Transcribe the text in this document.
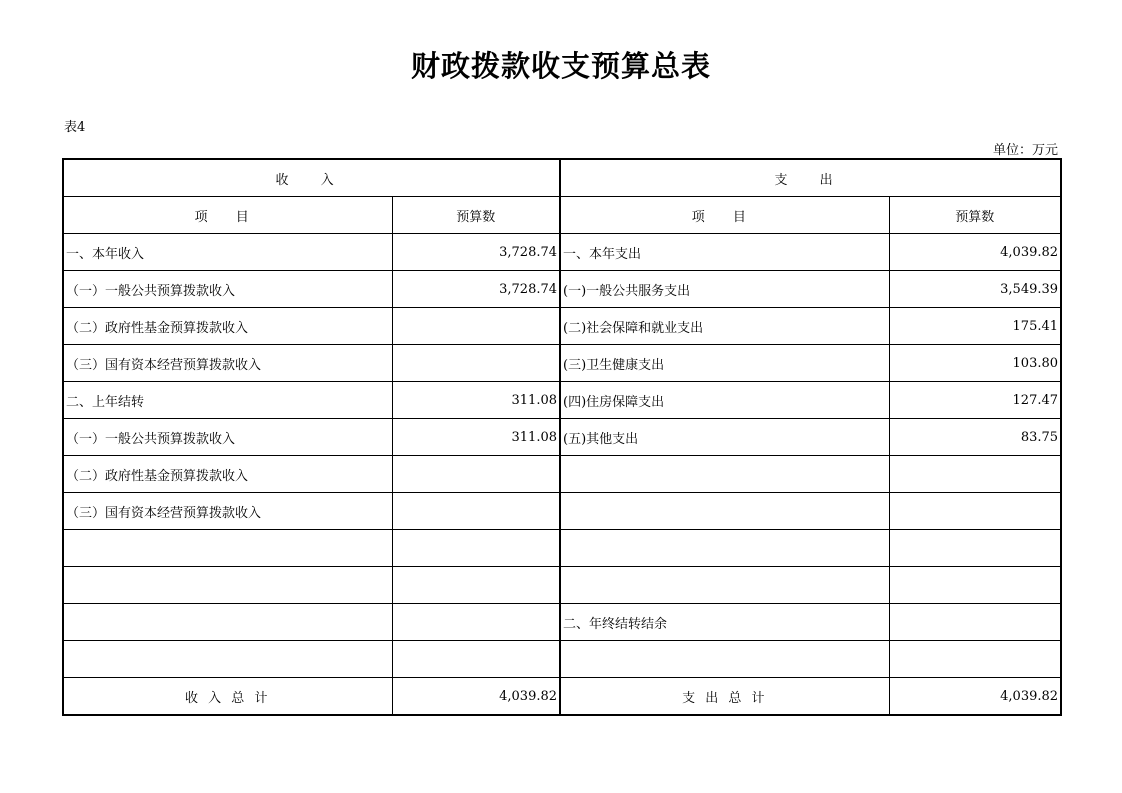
财政拨款收支预算总表
表4
单位：万元
收 入		支 出	
项 目	预算数	项 目	预算数
一、本年收入	3,728.74	一、本年支出	4,039.82
（一）一般公共预算拨款收入	3,728.74	(一)一般公共服务支出	3,549.39
（二）政府性基金预算拨款收入		(二)社会保障和就业支出	175.41
（三）国有资本经营预算拨款收入		(三)卫生健康支出	103.80
二、上年结转	311.08	(四)住房保障支出	127.47
（一）一般公共预算拨款收入	311.08	(五)其他支出	83.75
（二）政府性基金预算拨款收入			
（三）国有资本经营预算拨款收入			

		二、年终结转结余	

收 入 总 计	4,039.82	支 出 总 计	4,039.82
